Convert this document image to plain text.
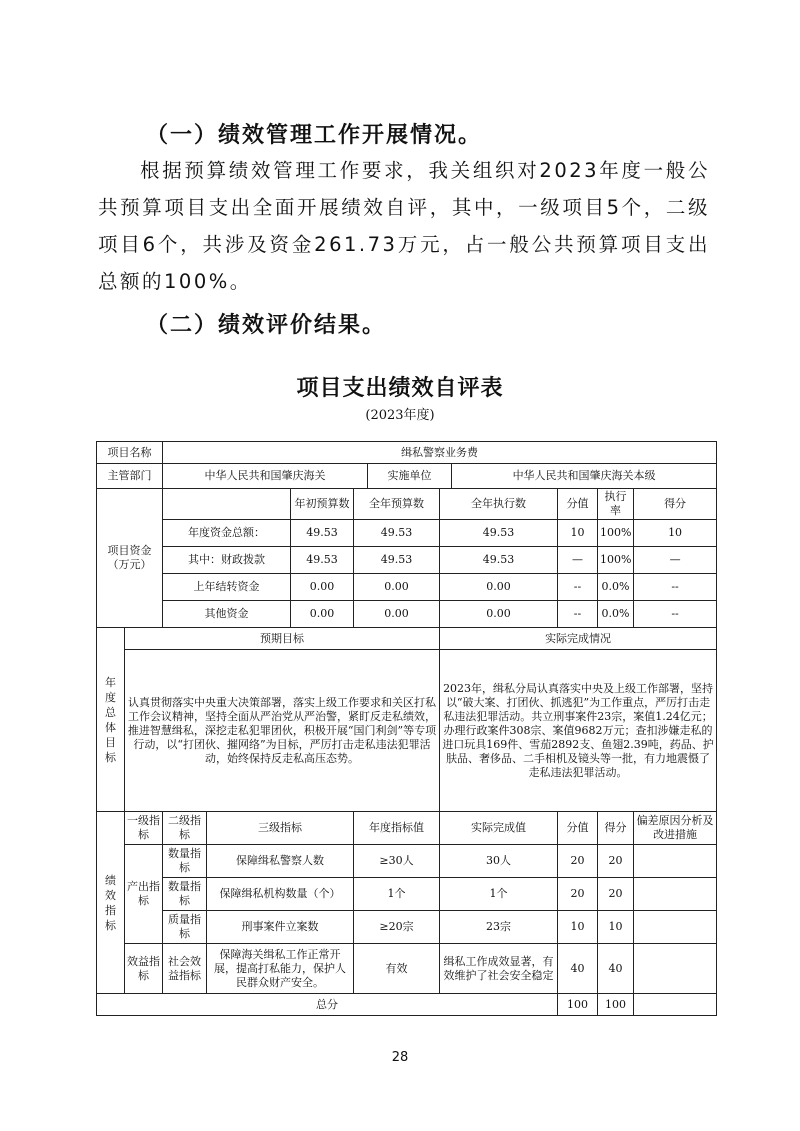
（一）绩效管理工作开展情况。
根据预算绩效管理工作要求，我关组织对2023年度一般公共预算项目支出全面开展绩效自评，其中，一级项目5个，二级项目6个，共涉及资金261.73万元，占一般公共预算项目支出总额的100%。
（二）绩效评价结果。
项目支出绩效自评表
(2023年度)
项目名称		缉私警察业务费									
主管部门		中华人民共和国肇庆海关				实施单位		中华人民共和国肇庆海关本级			
项目资金（万元）				年初预算数	全年预算数		全年执行数		分值	执行率	得分
		年度资金总额：		49.53	49.53		49.53		10	100%	10
		其中：财政拨款		49.53	49.53		49.53		—	100%	—
		上年结转资金		0.00	0.00		0.00		--	0.0%	--
		其他资金		0.00	0.00		0.00		--	0.0%	--

年度总体目标	预期目标						实际完成情况				
	认真贯彻落实中央重大决策部署，落实上级工作要求和关区打私工作会议精神，坚持全面从严治党从严治警，紧盯反走私绩效，推进智慧缉私，深挖走私犯罪团伙，积极开展“国门利剑”等专项行动，以“打团伙、摧网络”为目标，严厉打击走私违法犯罪活动，始终保持反走私高压态势。						2023年，缉私分局认真落实中央及上级工作部署，坚持以“破大案、打团伙、抓逃犯”为工作重点，严厉打击走私违法犯罪活动。共立刑事案件23宗，案值1.24亿元；办理行政案件308宗、案值9682万元；查扣涉嫌走私的进口玩具169件、雪茄2892支、鱼翅2.39吨，药品、护肤品、奢侈品、二手相机及镜头等一批，有力地震慑了走私违法犯罪活动。				

绩效指标	一级指标	二级指标	三级指标		年度指标值		实际完成值		分值	得分	偏差原因分析及改进措施
	产出指标	数量指标	保障缉私警察人数		≥30人		30人		20	20	
		数量指标	保障缉私机构数量（个）		1个		1个		20	20	
		质量指标	刑事案件立案数		≥20宗		23宗		10	10	
	效益指标	社会效益指标	保障海关缉私工作正常开展，提高打私能力，保护人民群众财产安全。		有效		缉私工作成效显著，有效维护了社会安全稳定		40	40	
总分									100	100	
28
